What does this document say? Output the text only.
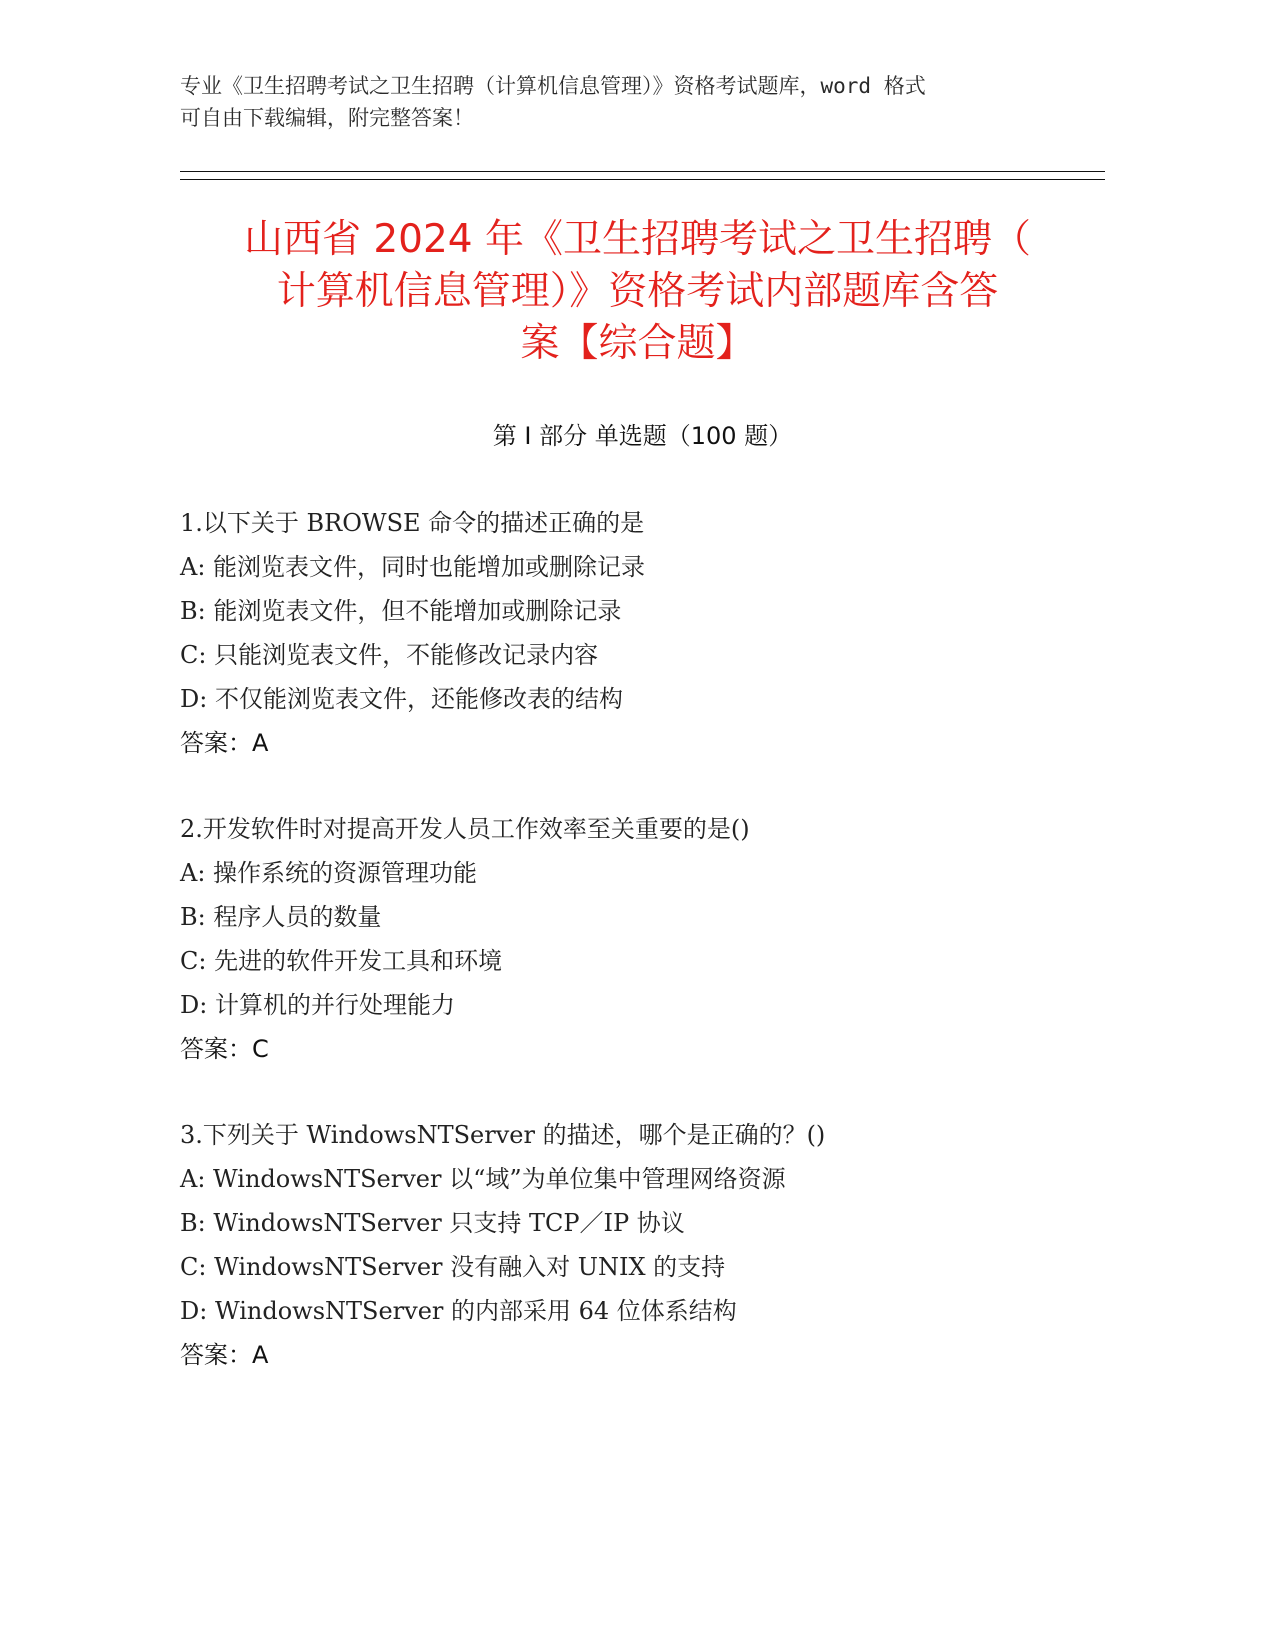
专业《卫生招聘考试之卫生招聘（计算机信息管理）》资格考试题库，word 格式

可自由下载编辑，附完整答案！

山西省 2024 年《卫生招聘考试之卫生招聘（

计算机信息管理）》资格考试内部题库含答

案【综合题】

第 I 部分 单选题（100 题）

1.以下关于 BROWSE 命令的描述正确的是

A: 能浏览表文件，同时也能增加或删除记录

B: 能浏览表文件，但不能增加或删除记录

C: 只能浏览表文件，不能修改记录内容

D: 不仅能浏览表文件，还能修改表的结构

答案：A

2.开发软件时对提高开发人员工作效率至关重要的是()

A: 操作系统的资源管理功能

B: 程序人员的数量

C: 先进的软件开发工具和环境

D: 计算机的并行处理能力

答案：C

3.下列关于 WindowsNTServer 的描述，哪个是正确的？()

A: WindowsNTServer 以“域”为单位集中管理网络资源

B: WindowsNTServer 只支持 TCP／IP 协议

C: WindowsNTServer 没有融入对 UNIX 的支持

D: WindowsNTServer 的内部采用 64 位体系结构

答案：A
